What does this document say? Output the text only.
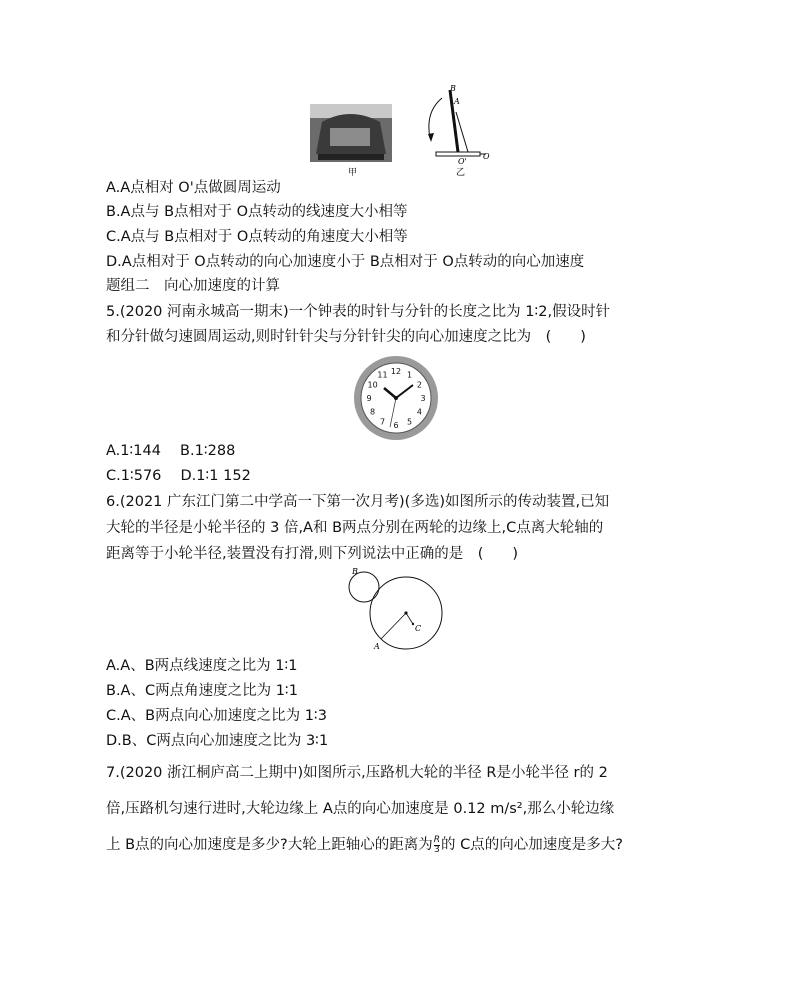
B
A
O'
O
甲	乙
A.A点相对 O'点做圆周运动
B.A点与 B点相对于 O点转动的线速度大小相等
C.A点与 B点相对于 O点转动的角速度大小相等
D.A点相对于 O点转动的向心加速度小于 B点相对于 O点转动的向心加速度
题组二　向心加速度的计算
5.(2020 河南永城高一期末)一个钟表的时针与分针的长度之比为 1∶2,假设时针
和分针做匀速圆周运动,则时针针尖与分针针尖的向心加速度之比为　(　　)
12 1
2
3
4
5
6
7
8
9
10
11
A.1∶144　 B.1∶288
C.1∶576　 D.1∶1 152
6.(2021 广东江门第二中学高一下第一次月考)(多选)如图所示的传动装置,已知
大轮的半径是小轮半径的 3 倍,A和 B两点分别在两轮的边缘上,C点离大轮轴的
距离等于小轮半径,装置没有打滑,则下列说法中正确的是　(　　)
B
A
C
A.A、B两点线速度之比为 1∶1
B.A、C两点角速度之比为 1∶1
C.A、B两点向心加速度之比为 1∶3
D.B、C两点向心加速度之比为 3∶1
7.(2020 浙江桐庐高二上期中)如图所示,压路机大轮的半径 R是小轮半径 r的 2
倍,压路机匀速行进时,大轮边缘上 A点的向心加速度是 0.12 m/s²,那么小轮边缘
上 B点的向心加速度是多少?大轮上距轴心的距离为 $\frac{R}{3}$ 的 C点的向心加速度是多大?
